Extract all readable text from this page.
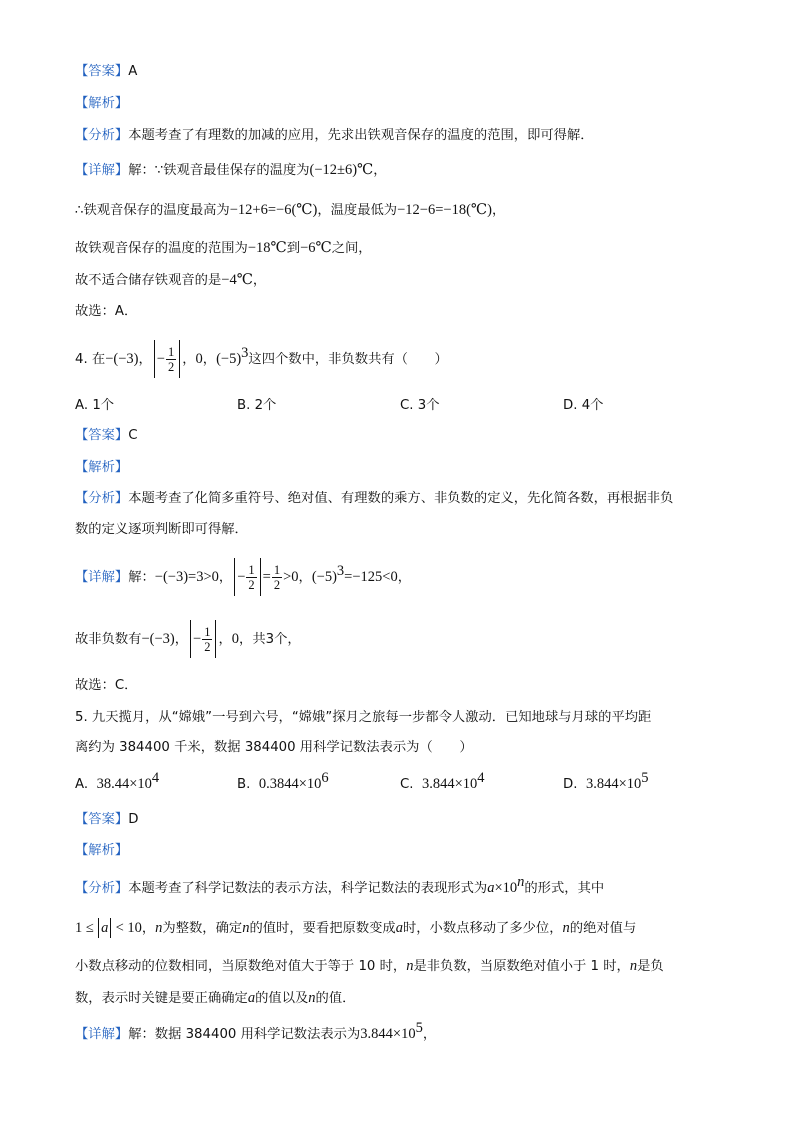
【答案】A
【解析】
【分析】本题考查了有理数的加减的应用，先求出铁观音保存的温度的范围，即可得解．
【详解】解：∵铁观音最佳保存的温度为(−12±6)℃，
∴铁观音保存的温度最高为−12+6=−6(℃)，温度最低为−12−6=−18(℃)，
故铁观音保存的温度的范围为−18℃到−6℃之间，
故不适合储存铁观音的是−4℃，
故选：A．
4. 在−(−3)， − $\frac{1}{2}$ ，0，$(-5)^3$这四个数中，非负数共有（　　）
A. 1个	B. 2个	C. 3个	D. 4个
【答案】C
【解析】
【分析】本题考查了化简多重符号、绝对值、有理数的乘方、非负数的定义，先化简各数，再根据非负
数的定义逐项判断即可得解．
【详解】解：−(−3)=3>0， − $\frac{1}{2} = \frac{1}{2} >0$，$(-5)^3=-125<0$，
故非负数有−(−3)， − $\frac{1}{2}$ ，0，共3个，
故选：C．
5. 九天揽月，从“嫦娥”一号到六号，“嫦娥”探月之旅每一步都令人激动．已知地球与月球的平均距
离约为 384400 千米，数据 384400 用科学记数法表示为（　　）
A. $38.44\times 10^4$	B. $0.3844\times 10^6$	C. $3.844\times 10^4$	D. $3.844\times 10^5$
【答案】D
【解析】
【分析】本题考查了科学记数法的表示方法，科学记数法的表现形式为$a\times 10^n$的形式，其中
1 ≤ a < 10，n为整数，确定n的值时，要看把原数变成a时，小数点移动了多少位，n的绝对值与
小数点移动的位数相同，当原数绝对值大于等于 10 时，n是非负数，当原数绝对值小于 1 时，n是负
数，表示时关键是要正确确定a的值以及n的值．
【详解】解：数据 384400 用科学记数法表示为$3.844\times 10^5$，
